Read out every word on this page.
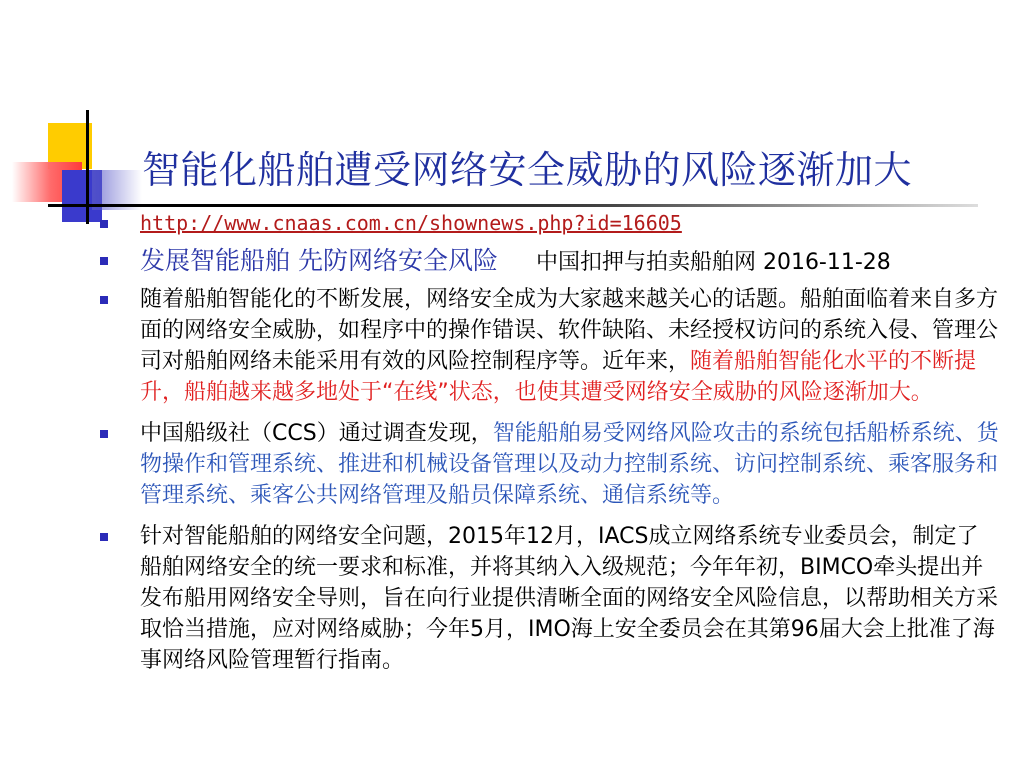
智能化船舶遭受网络安全威胁的风险逐渐加大
http://www.cnaas.com.cn/shownews.php?id=16605
发展智能船舶 先防网络安全风险 中国扣押与拍卖船舶网 2016-11-28
随着船舶智能化的不断发展，网络安全成为大家越来越关心的话题。船舶面临着来自多方面的网络安全威胁，如程序中的操作错误、软件缺陷、未经授权访问的系统入侵、管理公司对船舶网络未能采用有效的风险控制程序等。近年来，随着船舶智能化水平的不断提升，船舶越来越多地处于“在线”状态，也使其遭受网络安全威胁的风险逐渐加大。
中国船级社（CCS）通过调查发现，智能船舶易受网络风险攻击的系统包括船桥系统、货物操作和管理系统、推进和机械设备管理以及动力控制系统、访问控制系统、乘客服务和管理系统、乘客公共网络管理及船员保障系统、通信系统等。
针对智能船舶的网络安全问题，2015年12月，IACS成立网络系统专业委员会，制定了船舶网络安全的统一要求和标准，并将其纳入入级规范；今年年初，BIMCO牵头提出并发布船用网络安全导则，旨在向行业提供清晰全面的网络安全风险信息，以帮助相关方采取恰当措施，应对网络威胁；今年5月，IMO海上安全委员会在其第96届大会上批准了海事网络风险管理暂行指南。
